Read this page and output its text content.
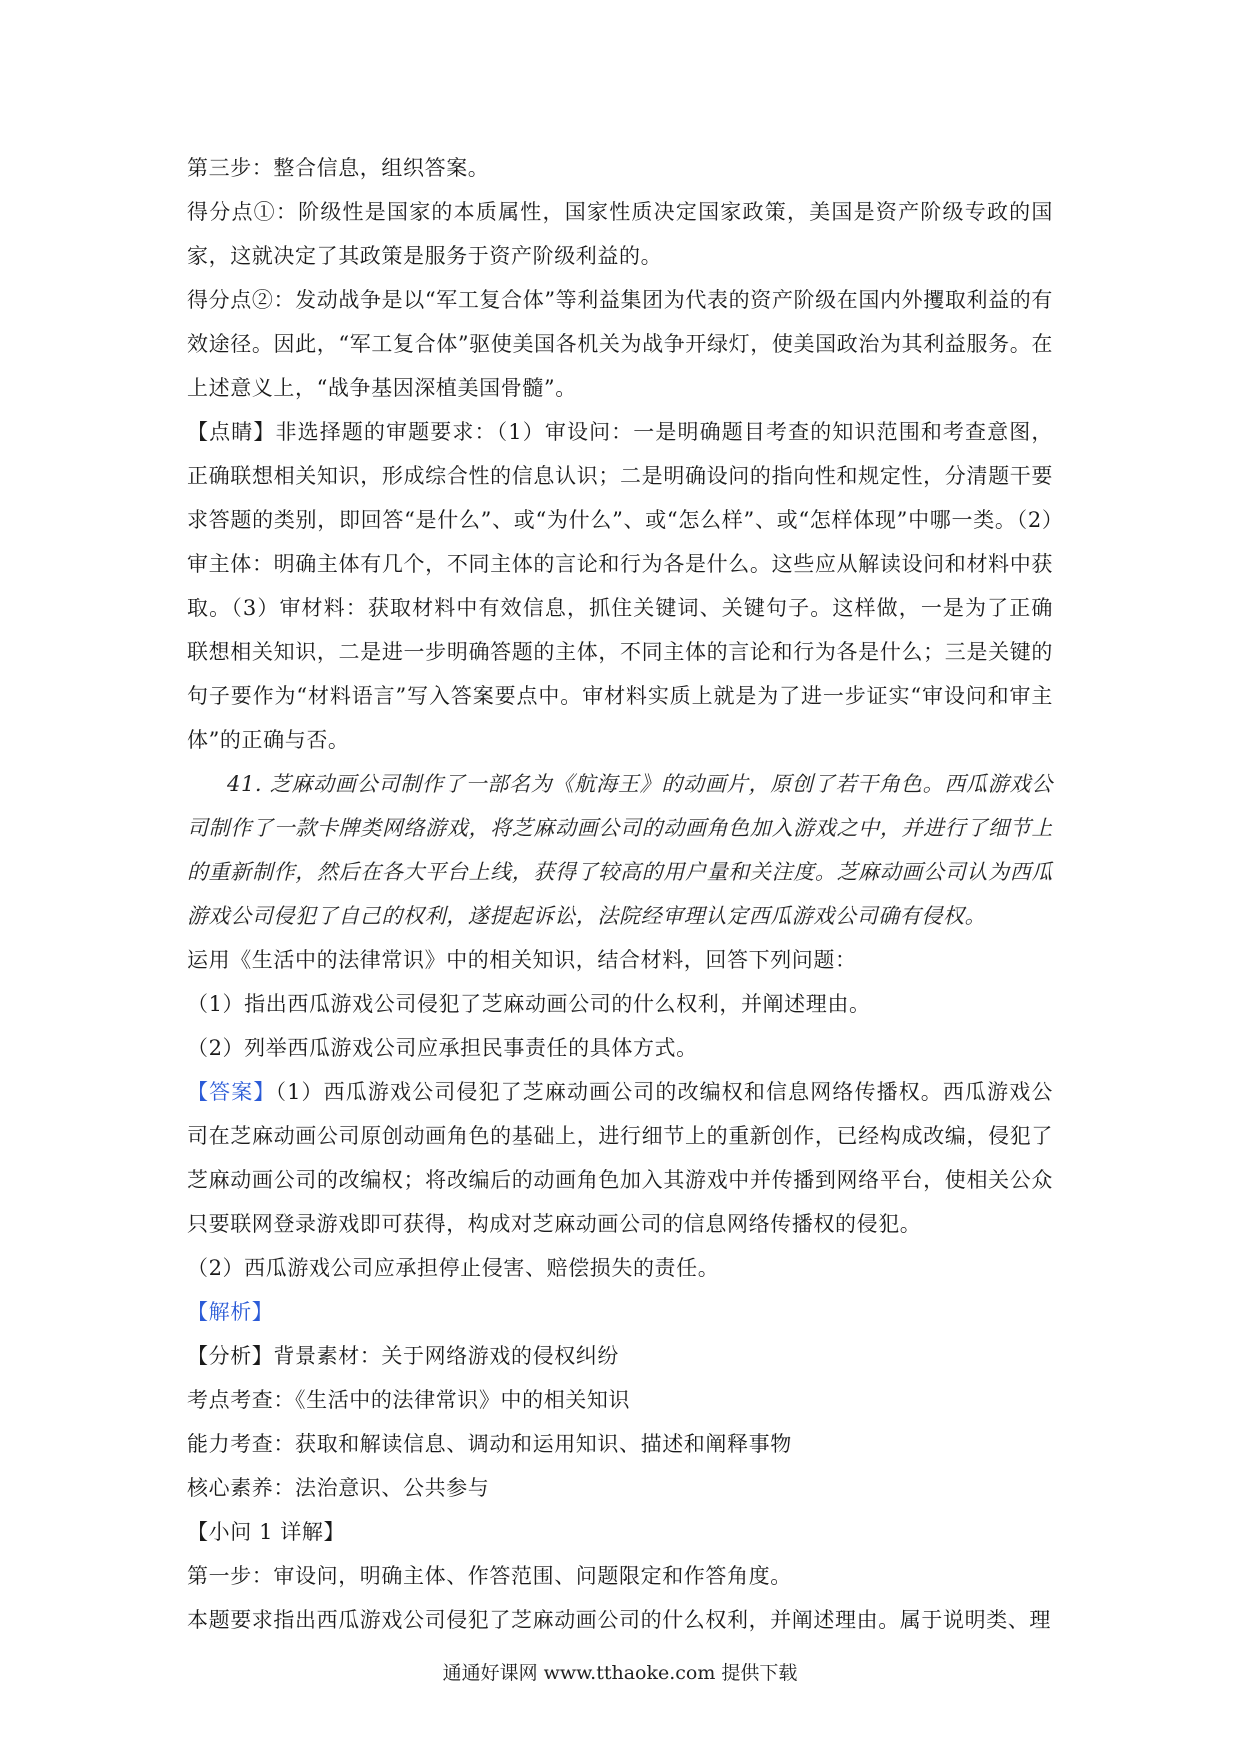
第三步：整合信息，组织答案。

得分点①：阶级性是国家的本质属性，国家性质决定国家政策，美国是资产阶级专政的国家，这就决定了其政策是服务于资产阶级利益的。

得分点②：发动战争是以“军工复合体”等利益集团为代表的资产阶级在国内外攫取利益的有效途径。因此，“军工复合体”驱使美国各机关为战争开绿灯，使美国政治为其利益服务。在上述意义上，“战争基因深植美国骨髓”。

【点睛】非选择题的审题要求：（1）审设问：一是明确题目考查的知识范围和考查意图，正确联想相关知识，形成综合性的信息认识；二是明确设问的指向性和规定性，分清题干要求答题的类别，即回答“是什么”、或“为什么”、或“怎么样”、或“怎样体现”中哪一类。（2）审主体：明确主体有几个，不同主体的言论和行为各是什么。这些应从解读设问和材料中获取。（3）审材料：获取材料中有效信息，抓住关键词、关键句子。这样做，一是为了正确联想相关知识，二是进一步明确答题的主体，不同主体的言论和行为各是什么；三是关键的句子要作为“材料语言”写入答案要点中。审材料实质上就是为了进一步证实“审设问和审主体”的正确与否。

41. 芝麻动画公司制作了一部名为《航海王》的动画片，原创了若干角色。西瓜游戏公司制作了一款卡牌类网络游戏，将芝麻动画公司的动画角色加入游戏之中，并进行了细节上的重新制作，然后在各大平台上线，获得了较高的用户量和关注度。芝麻动画公司认为西瓜游戏公司侵犯了自己的权利，遂提起诉讼，法院经审理认定西瓜游戏公司确有侵权。

运用《生活中的法律常识》中的相关知识，结合材料，回答下列问题：

（1）指出西瓜游戏公司侵犯了芝麻动画公司的什么权利，并阐述理由。

（2）列举西瓜游戏公司应承担民事责任的具体方式。

【答案】（1）西瓜游戏公司侵犯了芝麻动画公司的改编权和信息网络传播权。西瓜游戏公司在芝麻动画公司原创动画角色的基础上，进行细节上的重新创作，已经构成改编，侵犯了芝麻动画公司的改编权；将改编后的动画角色加入其游戏中并传播到网络平台，使相关公众只要联网登录游戏即可获得，构成对芝麻动画公司的信息网络传播权的侵犯。

（2）西瓜游戏公司应承担停止侵害、赔偿损失的责任。

【解析】

【分析】背景素材：关于网络游戏的侵权纠纷

考点考查：《生活中的法律常识》中的相关知识

能力考查：获取和解读信息、调动和运用知识、描述和阐释事物

核心素养：法治意识、公共参与

【小问 1 详解】

第一步：审设问，明确主体、作答范围、问题限定和作答角度。

本题要求指出西瓜游戏公司侵犯了芝麻动画公司的什么权利，并阐述理由。属于说明类、理

通通好课网 www.tthaoke.com 提供下载
